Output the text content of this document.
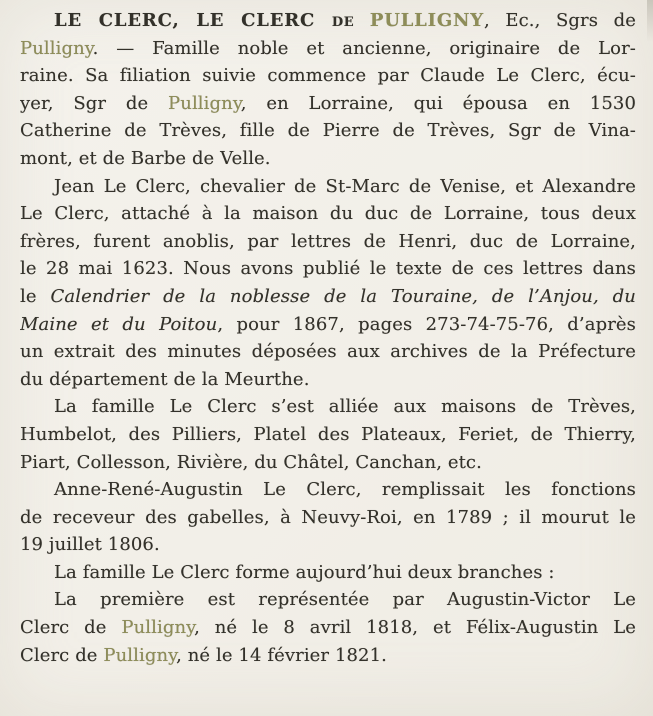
LE CLERC, LE CLERC de PULLIGNY, Ec., Sgrs de
Pulligny. — Famille noble et ancienne, originaire de Lor-
raine. Sa filiation suivie commence par Claude Le Clerc, écu-
yer, Sgr de Pulligny, en Lorraine, qui épousa en 1530
Catherine de Trèves, fille de Pierre de Trèves, Sgr de Vina-
mont, et de Barbe de Velle.
Jean Le Clerc, chevalier de St-Marc de Venise, et Alexandre
Le Clerc, attaché à la maison du duc de Lorraine, tous deux
frères, furent anoblis, par lettres de Henri, duc de Lorraine,
le 28 mai 1623. Nous avons publié le texte de ces lettres dans
le Calendrier de la noblesse de la Touraine, de l’Anjou, du
Maine et du Poitou, pour 1867, pages 273-74-75-76, d’après
un extrait des minutes déposées aux archives de la Préfecture
du département de la Meurthe.
La famille Le Clerc s’est alliée aux maisons de Trèves,
Humbelot, des Pilliers, Platel des Plateaux, Feriet, de Thierry,
Piart, Collesson, Rivière, du Châtel, Canchan, etc.
Anne-René-Augustin Le Clerc, remplissait les fonctions
de receveur des gabelles, à Neuvy-Roi, en 1789 ; il mourut le
19 juillet 1806.
La famille Le Clerc forme aujourd’hui deux branches :
La première est représentée par Augustin-Victor Le
Clerc de Pulligny, né le 8 avril 1818, et Félix-Augustin Le
Clerc de Pulligny, né le 14 février 1821.
